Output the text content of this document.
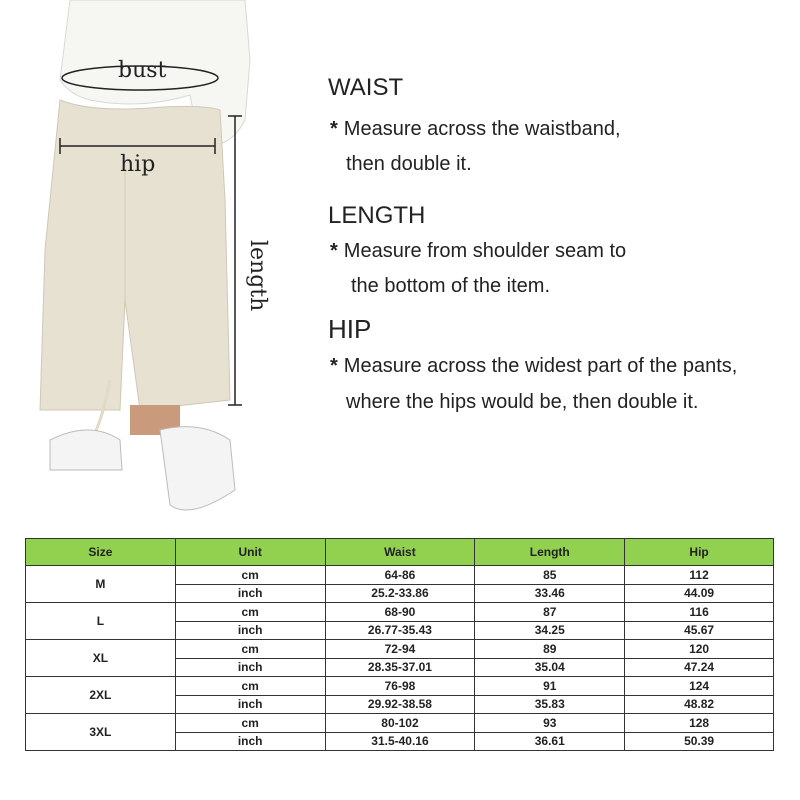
bust
hip
length
WAIST
* Measure across the waistband,
then double it.
LENGTH
* Measure from shoulder seam to
the bottom of the item.
HIP
* Measure across the widest part of the pants,
where the hips would be, then double it.
Size	Unit	Waist	Length	Hip
M	cm	64-86	85	112
	inch	25.2-33.86	33.46	44.09
L	cm	68-90	87	116
	inch	26.77-35.43	34.25	45.67
XL	cm	72-94	89	120
	inch	28.35-37.01	35.04	47.24
2XL	cm	76-98	91	124
	inch	29.92-38.58	35.83	48.82
3XL	cm	80-102	93	128
	inch	31.5-40.16	36.61	50.39
